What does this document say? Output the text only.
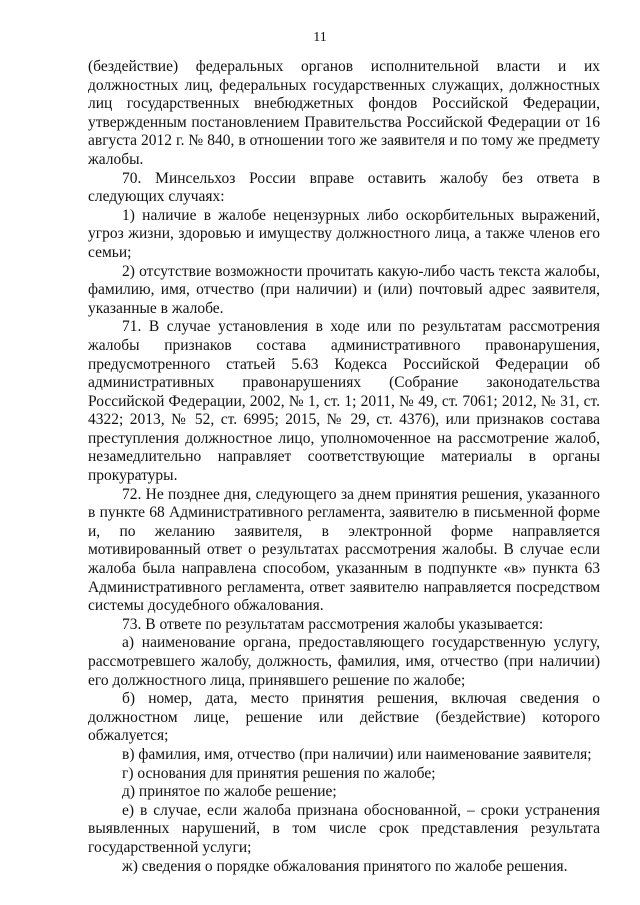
11

(бездействие) федеральных органов исполнительной власти и их должностных лиц, федеральных государственных служащих, должностных лиц государственных внебюджетных фондов Российской Федерации, утвержденным постановлением Правительства Российской Федерации от 16 августа 2012 г. № 840, в отношении того же заявителя и по тому же предмету жалобы.

70. Минсельхоз России вправе оставить жалобу без ответа в следующих случаях:

1) наличие в жалобе нецензурных либо оскорбительных выражений, угроз жизни, здоровью и имуществу должностного лица, а также членов его семьи;

2) отсутствие возможности прочитать какую-либо часть текста жалобы, фамилию, имя, отчество (при наличии) и (или) почтовый адрес заявителя, указанные в жалобе.

71. В случае установления в ходе или по результатам рассмотрения жалобы признаков состава административного правонарушения, предусмотренного статьей 5.63 Кодекса Российской Федерации об административных правонарушениях (Собрание законодательства Российской Федерации, 2002, № 1, ст. 1; 2011, № 49, ст. 7061; 2012, № 31, ст. 4322; 2013, № 52, ст. 6995; 2015, № 29, ст. 4376), или признаков состава преступления должностное лицо, уполномоченное на рассмотрение жалоб, незамедлительно направляет соответствующие материалы в органы прокуратуры.

72. Не позднее дня, следующего за днем принятия решения, указанного в пункте 68 Административного регламента, заявителю в письменной форме и, по желанию заявителя, в электронной форме направляется мотивированный ответ о результатах рассмотрения жалобы. В случае если жалоба была направлена способом, указанным в подпункте «в» пункта 63 Административного регламента, ответ заявителю направляется посредством системы досудебного обжалования.

73. В ответе по результатам рассмотрения жалобы указывается:

а) наименование органа, предоставляющего государственную услугу, рассмотревшего жалобу, должность, фамилия, имя, отчество (при наличии) его должностного лица, принявшего решение по жалобе;

б) номер, дата, место принятия решения, включая сведения о должностном лице, решение или действие (бездействие) которого обжалуется;

в) фамилия, имя, отчество (при наличии) или наименование заявителя;

г) основания для принятия решения по жалобе;

д) принятое по жалобе решение;

е) в случае, если жалоба признана обоснованной, – сроки устранения выявленных нарушений, в том числе срок представления результата государственной услуги;

ж) сведения о порядке обжалования принятого по жалобе решения.
